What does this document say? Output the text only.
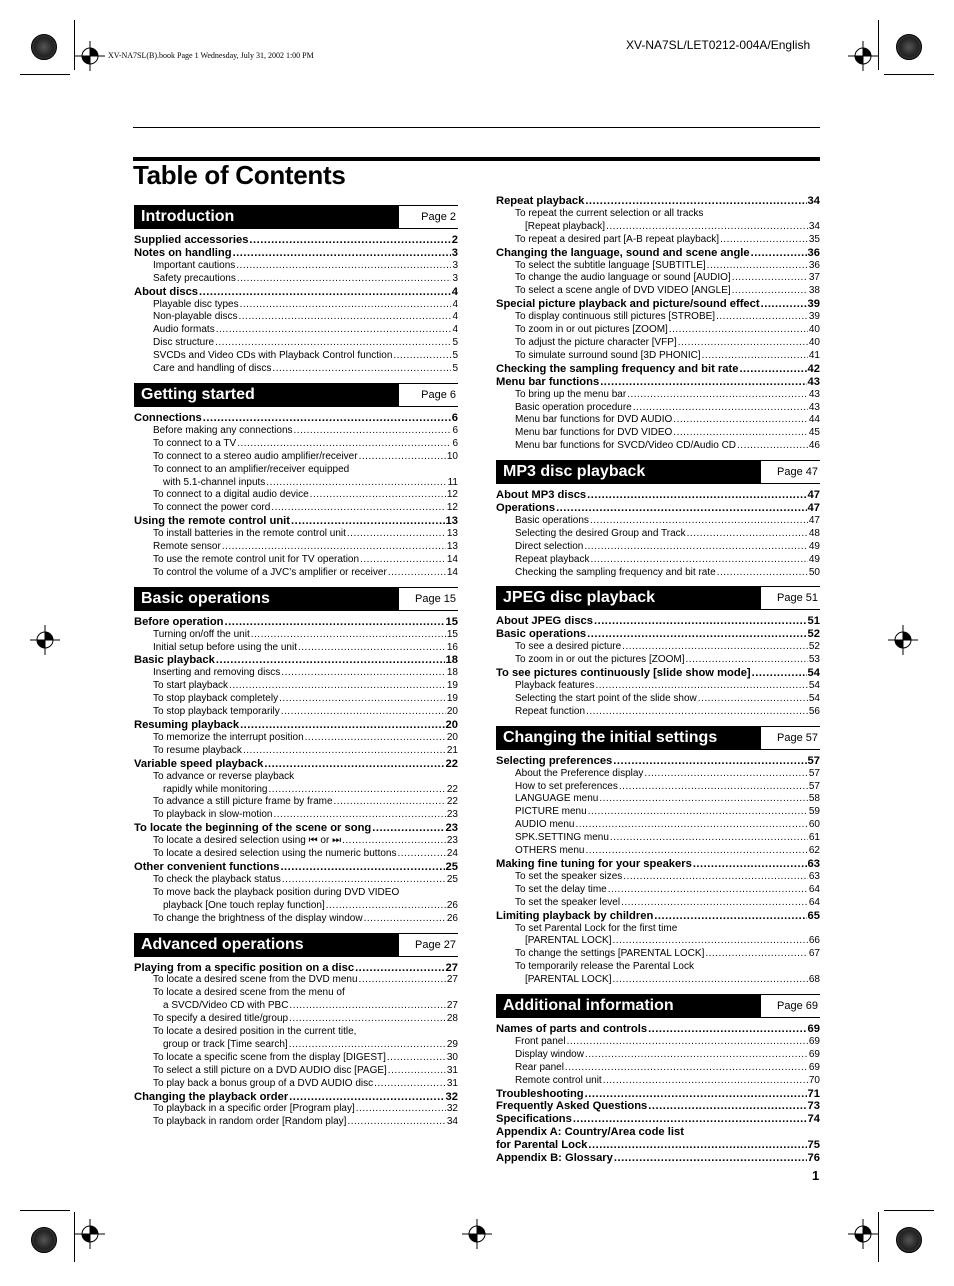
XV-NA7SL/LET0212-004A/English
XV-NA7SL(B).book Page 1 Wednesday, July 31, 2002 1:00 PM
Table of Contents
Introduction	Page 2
Supplied accessories .....	2
Notes on handling .....	3
Important cautions .....	3
Safety precautions .....	3
About discs .....	4
Playable disc types .....	4
Non-playable discs .....	4
Audio formats .....	4
Disc structure .....	5
SVCDs and Video CDs with Playback Control function .....	5
Care and handling of discs .....	5
Getting started	Page 6
Connections .....	6
Before making any connections .....	6
To connect to a TV .....	6
To connect to a stereo audio amplifier/receiver .....	10
To connect to an amplifier/receiver equipped
with 5.1-channel inputs .....	11
To connect to a digital audio device .....	12
To connect the power cord .....	12
Using the remote control unit .....	13
To install batteries in the remote control unit .....	13
Remote sensor .....	13
To use the remote control unit for TV operation .....	14
To control the volume of a JVC’s amplifier or receiver .....	14
Basic operations	Page 15
Before operation .....	15
Turning on/off the unit .....	15
Initial setup before using the unit .....	16
Basic playback .....	18
Inserting and removing discs .....	18
To start playback .....	19
To stop playback completely .....	19
To stop playback temporarily .....	20
Resuming playback .....	20
To memorize the interrupt position .....	20
To resume playback .....	21
Variable speed playback .....	22
To advance or reverse playback
rapidly while monitoring .....	22
To advance a still picture frame by frame .....	22
To playback in slow-motion .....	23
To locate the beginning of the scene or song .....	23
To locate a desired selection using ⏮ or ⏭ .....	23
To locate a desired selection using the numeric buttons .....	24
Other convenient functions .....	25
To check the playback status .....	25
To move back the playback position during DVD VIDEO
playback [One touch replay function] .....	26
To change the brightness of the display window .....	26
Advanced operations	Page 27
Playing from a specific position on a disc .....	27
To locate a desired scene from the DVD menu .....	27
To locate a desired scene from the menu of
a SVCD/Video CD with PBC .....	27
To specify a desired title/group .....	28
To locate a desired position in the current title,
group or track [Time search] .....	29
To locate a specific scene from the display [DIGEST] .....	30
To select a still picture on a DVD AUDIO disc [PAGE] .....	31
To play back a bonus group of a DVD AUDIO disc .....	31
Changing the playback order .....	32
To playback in a specific order [Program play] .....	32
To playback in random order [Random play] .....	34
Repeat playback .....	34
To repeat the current selection or all tracks
[Repeat playback] .....	34
To repeat a desired part [A-B repeat playback] .....	35
Changing the language, sound and scene angle .....	36
To select the subtitle language [SUBTITLE] .....	36
To change the audio language or sound [AUDIO] .....	37
To select a scene angle of DVD VIDEO [ANGLE] .....	38
Special picture playback and picture/sound effect .....	39
To display continuous still pictures [STROBE] .....	39
To zoom in or out pictures [ZOOM] .....	40
To adjust the picture character [VFP] .....	40
To simulate surround sound [3D PHONIC] .....	41
Checking the sampling frequency and bit rate .....	42
Menu bar functions .....	43
To bring up the menu bar .....	43
Basic operation procedure .....	43
Menu bar functions for DVD AUDIO .....	44
Menu bar functions for DVD VIDEO .....	45
Menu bar functions for SVCD/Video CD/Audio CD .....	46
MP3 disc playback	Page 47
About MP3 discs .....	47
Operations .....	47
Basic operations .....	47
Selecting the desired Group and Track .....	48
Direct selection .....	49
Repeat playback .....	49
Checking the sampling frequency and bit rate .....	50
JPEG disc playback	Page 51
About JPEG discs .....	51
Basic operations .....	52
To see a desired picture .....	52
To zoom in or out the pictures [ZOOM] .....	53
To see pictures continuously [slide show mode] .....	54
Playback features .....	54
Selecting the start point of the slide show .....	54
Repeat function .....	56
Changing the initial settings	Page 57
Selecting preferences .....	57
About the Preference display .....	57
How to set preferences .....	57
LANGUAGE menu .....	58
PICTURE menu .....	59
AUDIO menu .....	60
SPK.SETTING menu .....	61
OTHERS menu .....	62
Making fine tuning for your speakers .....	63
To set the speaker sizes .....	63
To set the delay time .....	64
To set the speaker level .....	64
Limiting playback by children .....	65
To set Parental Lock for the first time
[PARENTAL LOCK] .....	66
To change the settings [PARENTAL LOCK] .....	67
To temporarily release the Parental Lock
[PARENTAL LOCK] .....	68
Additional information	Page 69
Names of parts and controls .....	69
Front panel .....	69
Display window .....	69
Rear panel .....	69
Remote control unit .....	70
Troubleshooting .....	71
Frequently Asked Questions .....	73
Specifications .....	74
Appendix A: Country/Area code list
for Parental Lock .....	75
Appendix B: Glossary .....	76
1
